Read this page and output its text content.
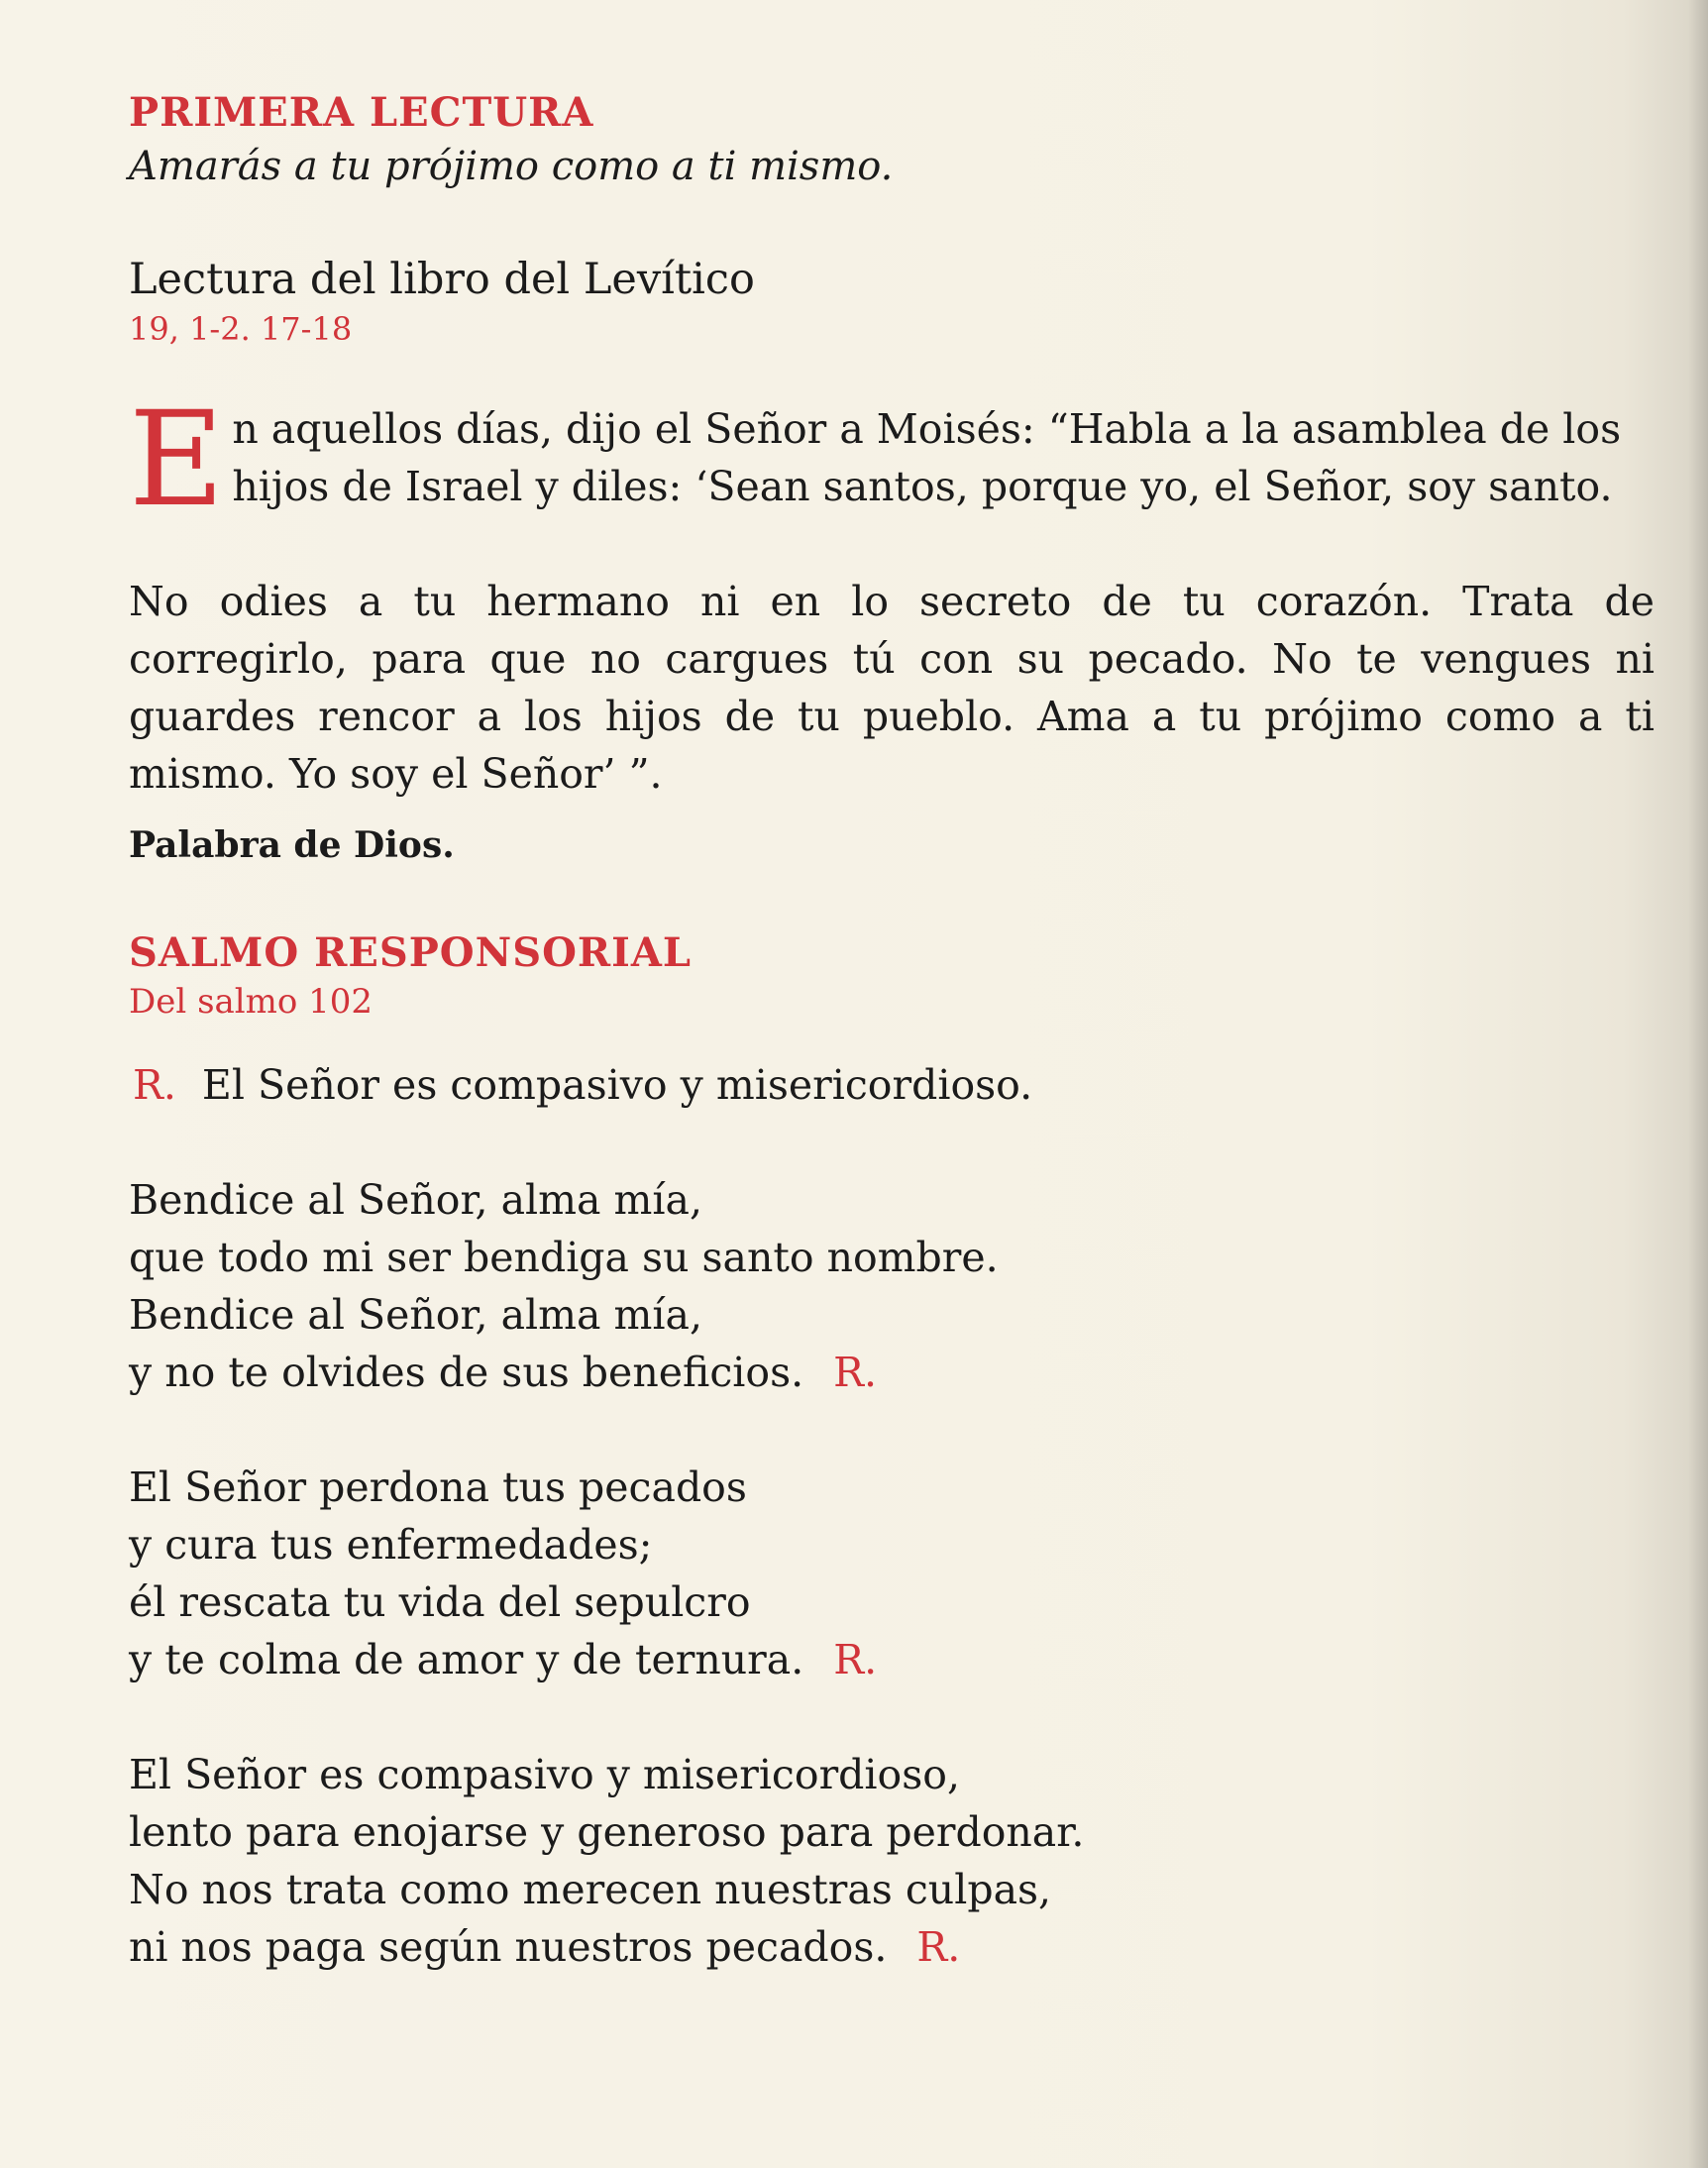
PRIMERA LECTURA
Amarás a tu prójimo como a ti mismo.
Lectura del libro del Levítico
19, 1-2. 17-18
En aquellos días, dijo el Señor a Moisés: “Habla a la asamblea de los hijos de Israel y diles: ‘Sean santos, porque yo, el Señor, soy santo.
No odies a tu hermano ni en lo secreto de tu corazón. Trata de corregirlo, para que no cargues tú con su pecado. No te vengues ni guardes rencor a los hijos de tu pueblo. Ama a tu prójimo como a ti mismo. Yo soy el Señor’ ”.
Palabra de Dios.
SALMO RESPONSORIAL
Del salmo 102
R. El Señor es compasivo y misericordioso.
Bendice al Señor, alma mía,
que todo mi ser bendiga su santo nombre.
Bendice al Señor, alma mía,
y no te olvides de sus beneficios. R.
El Señor perdona tus pecados
y cura tus enfermedades;
él rescata tu vida del sepulcro
y te colma de amor y de ternura. R.
El Señor es compasivo y misericordioso,
lento para enojarse y generoso para perdonar.
No nos trata como merecen nuestras culpas,
ni nos paga según nuestros pecados. R.
